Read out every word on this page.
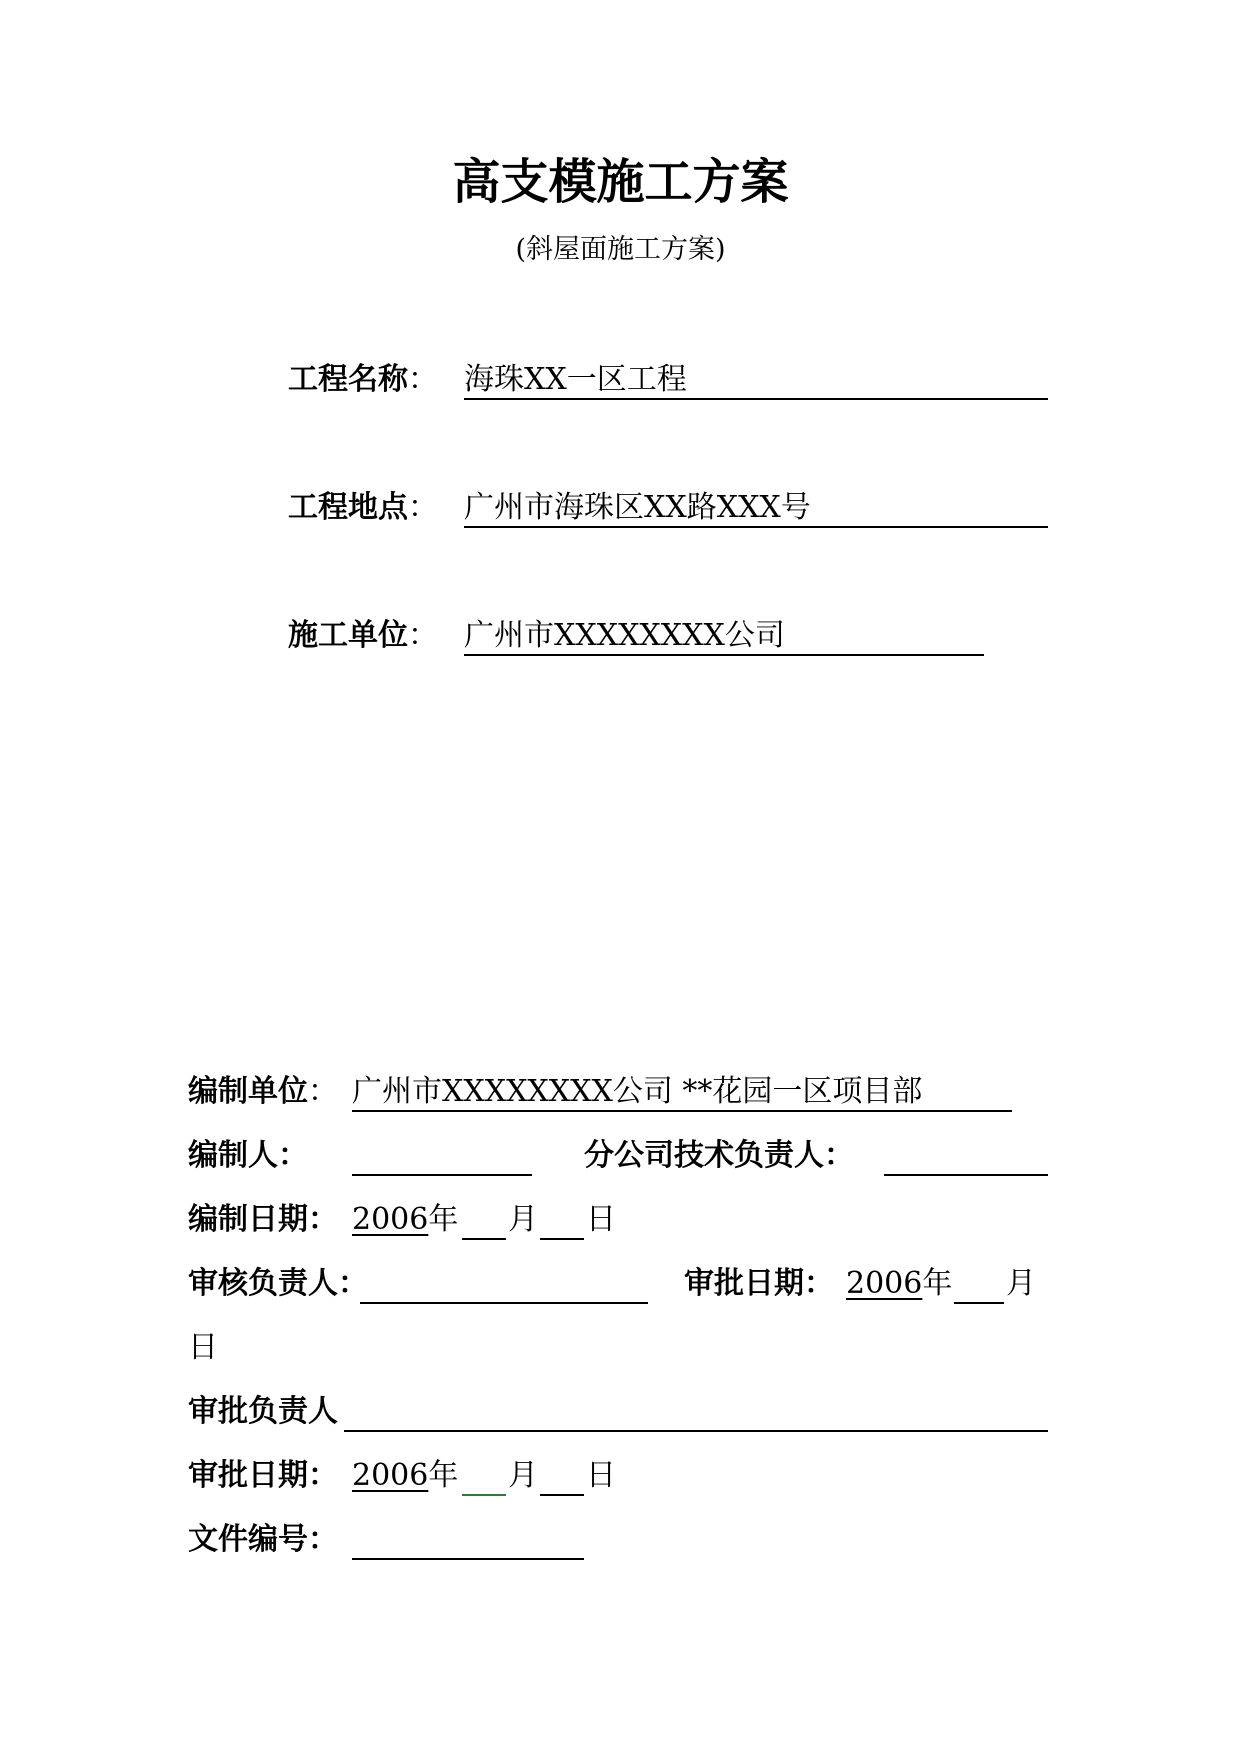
高支模施工方案
(斜屋面施工方案)
工程名称： 海珠XX一区工程
工程地点： 广州市海珠区XX路XXX号
施工单位： 广州市XXXXXXXX公司
编制单位： 广州市XXXXXXXX公司 **花园一区项目部
编制人：	分公司技术负责人：
编制日期： 2006年 月 日
审核负责人：	审批日期： 2006年 月
日
审批负责人
审批日期： 2006年 月 日
文件编号：
